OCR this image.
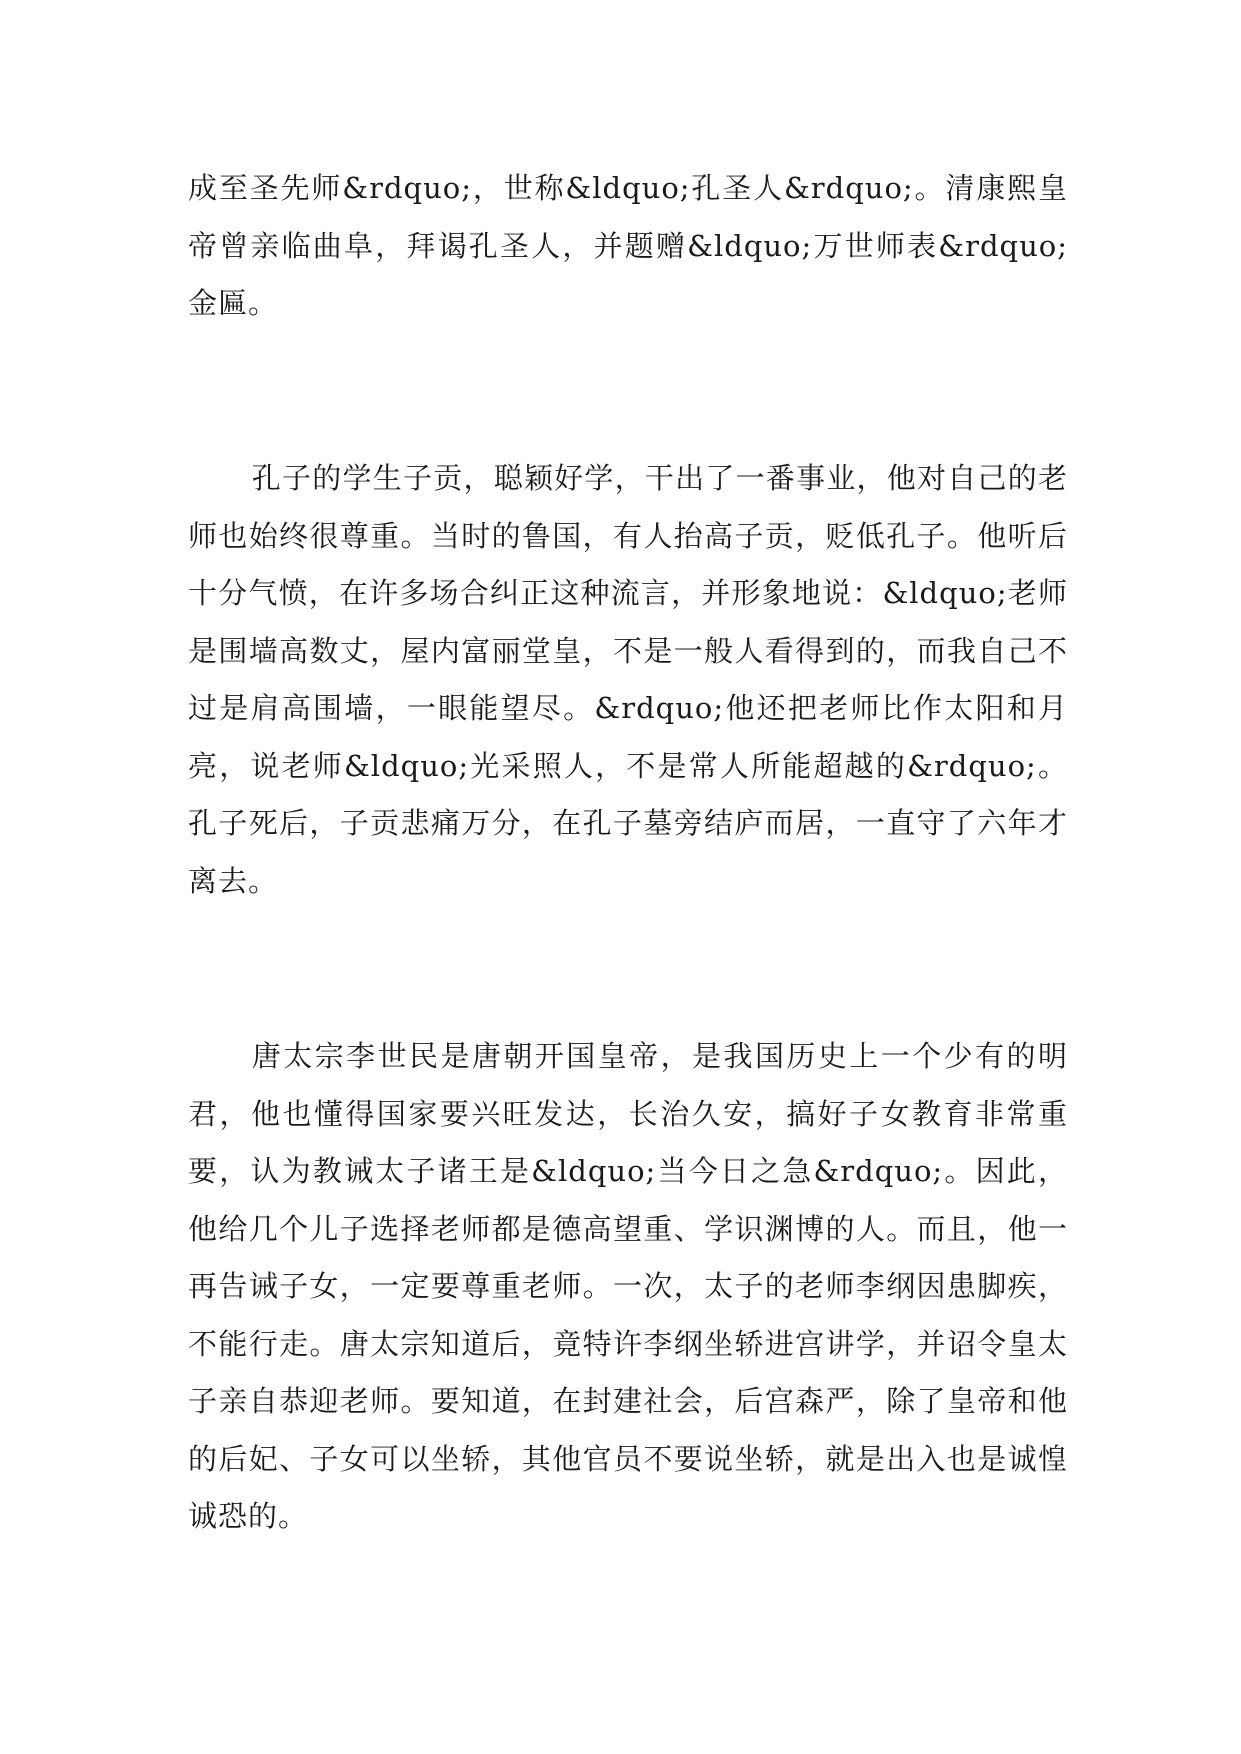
成至圣先师&rdquo;，世称&ldquo;孔圣人&rdquo;。清康熙皇帝曾亲临曲阜，拜谒孔圣人，并题赠&ldquo;万世师表&rdquo;金匾。

孔子的学生子贡，聪颖好学，干出了一番事业，他对自己的老师也始终很尊重。当时的鲁国，有人抬高子贡，贬低孔子。他听后十分气愤，在许多场合纠正这种流言，并形象地说：&ldquo;老师是围墙高数丈，屋内富丽堂皇，不是一般人看得到的，而我自己不过是肩高围墙，一眼能望尽。&rdquo;他还把老师比作太阳和月亮，说老师&ldquo;光采照人，不是常人所能超越的&rdquo;。孔子死后，子贡悲痛万分，在孔子墓旁结庐而居，一直守了六年才离去。

唐太宗李世民是唐朝开国皇帝，是我国历史上一个少有的明君，他也懂得国家要兴旺发达，长治久安，搞好子女教育非常重要，认为教诫太子诸王是&ldquo;当今日之急&rdquo;。因此，他给几个儿子选择老师都是德高望重、学识渊博的人。而且，他一再告诫子女，一定要尊重老师。一次，太子的老师李纲因患脚疾，不能行走。唐太宗知道后，竟特许李纲坐轿进宫讲学，并诏令皇太子亲自恭迎老师。要知道，在封建社会，后宫森严，除了皇帝和他的后妃、子女可以坐轿，其他官员不要说坐轿，就是出入也是诚惶诚恐的。
